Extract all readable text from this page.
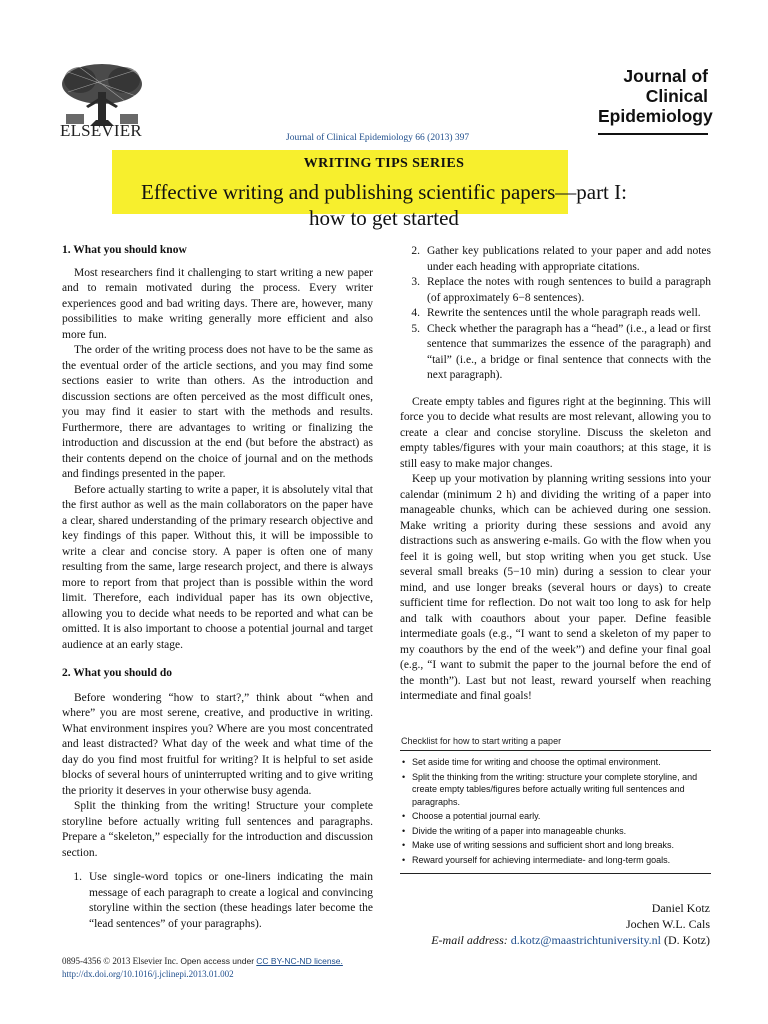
ELSEVIER	Journal of Clinical Epidemiology 66 (2013) 397
Journal of
Clinical
Epidemiology
WRITING TIPS SERIES
Effective writing and publishing scientific papers—part I:
how to get started
1. What you should know

Most researchers find it challenging to start writing a new paper and to remain motivated during the process. Every writer experiences good and bad writing days. There are, however, many possibilities to make writing generally more efficient and also more fun.

The order of the writing process does not have to be the same as the eventual order of the article sections, and you may find some sections easier to write than others. As the introduction and discussion sections are often perceived as the most difficult ones, you may find it easier to start with the methods and results. Furthermore, there are advantages to writing or finalizing the introduction and discussion at the end (but before the abstract) as their contents depend on the choice of journal and on the methods and findings presented in the paper.

Before actually starting to write a paper, it is absolutely vital that the first author as well as the main collaborators on the paper have a clear, shared understanding of the primary research objective and key findings of this paper. Without this, it will be impossible to write a clear and concise story. A paper is often one of many resulting from the same, large research project, and there is always more to report from that project than is possible within the word limit. Therefore, each individual paper has its own objective, allowing you to decide what needs to be reported and what can be omitted. It is also important to choose a potential journal and target audience at an early stage.

2. What you should do

Before wondering “how to start?,” think about “when and where” you are most serene, creative, and productive in writing. What environment inspires you? Where are you most concentrated and least distracted? What day of the week and what time of the day do you find most fruitful for writing? It is helpful to set aside blocks of several hours of uninterrupted writing and to give writing the priority it deserves in your otherwise busy agenda.

Split the thinking from the writing! Structure your complete storyline before actually writing full sentences and paragraphs. Prepare a “skeleton,” especially for the introduction and discussion section.

1. Use single-word topics or one-liners indicating the main message of each paragraph to create a logical and convincing storyline within the section (these headings later become the “lead sentences” of your paragraphs).
2. Gather key publications related to your paper and add notes under each heading with appropriate citations.
3. Replace the notes with rough sentences to build a paragraph (of approximately 6−8 sentences).
4. Rewrite the sentences until the whole paragraph reads well.
5. Check whether the paragraph has a “head” (i.e., a lead or first sentence that summarizes the essence of the paragraph) and “tail” (i.e., a bridge or final sentence that connects with the next paragraph).

Create empty tables and figures right at the beginning. This will force you to decide what results are most relevant, allowing you to create a clear and concise storyline. Discuss the skeleton and empty tables/figures with your main coauthors; at this stage, it is still easy to make major changes.

Keep up your motivation by planning writing sessions into your calendar (minimum 2 h) and dividing the writing of a paper into manageable chunks, which can be achieved during one session. Make writing a priority during these sessions and avoid any distractions such as answering e-mails. Go with the flow when you feel it is going well, but stop writing when you get stuck. Use several small breaks (5−10 min) during a session to clear your mind, and use longer breaks (several hours or days) to create sufficient time for reflection. Do not wait too long to ask for help and talk with coauthors about your paper. Define feasible intermediate goals (e.g., “I want to send a skeleton of my paper to my coauthors by the end of the week”) and define your final goal (e.g., “I want to submit the paper to the journal before the end of the month”). Last but not least, reward yourself when reaching intermediate and final goals!

Checklist for how to start writing a paper
• Set aside time for writing and choose the optimal environment.
• Split the thinking from the writing: structure your complete storyline, and create empty tables/figures before actually writing full sentences and paragraphs.
• Choose a potential journal early.
• Divide the writing of a paper into manageable chunks.
• Make use of writing sessions and sufficient short and long breaks.
• Reward yourself for achieving intermediate- and long-term goals.
Daniel Kotz
Jochen W.L. Cals
E-mail address: d.kotz@maastrichtuniversity.nl (D. Kotz)
0895-4356 © 2013 Elsevier Inc. Open access under CC BY-NC-ND license.
http://dx.doi.org/10.1016/j.jclinepi.2013.01.002
